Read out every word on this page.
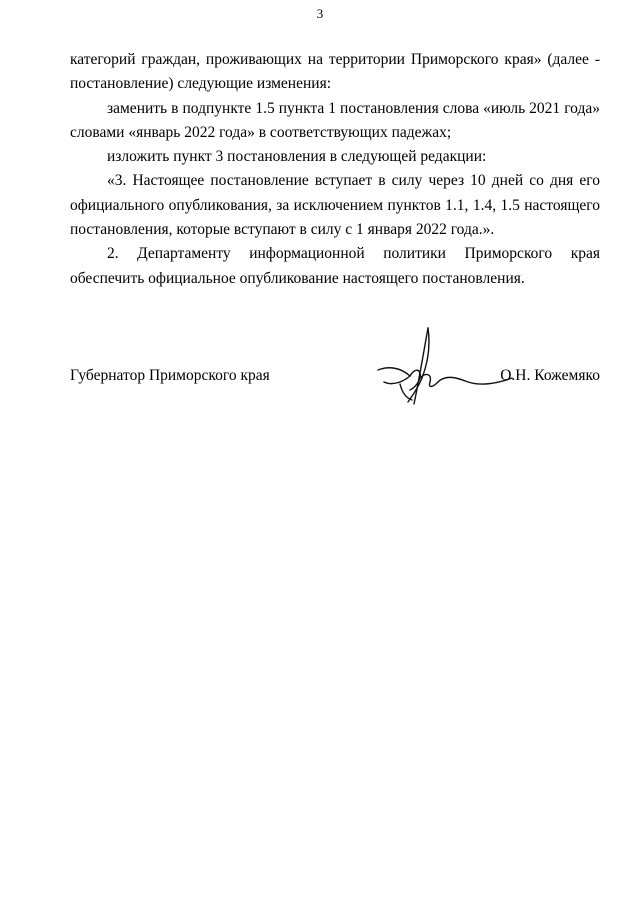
3

категорий граждан, проживающих на территории Приморского края» (далее - постановление) следующие изменения:

заменить в подпункте 1.5 пункта 1 постановления слова «июль 2021 года» словами «январь 2022 года» в соответствующих падежах;

изложить пункт 3 постановления в следующей редакции:

«3. Настоящее постановление вступает в силу через 10 дней со дня его официального опубликования, за исключением пунктов 1.1, 1.4, 1.5 настоящего постановления, которые вступают в силу с 1 января 2022 года.».

2. Департаменту информационной политики Приморского края обеспечить официальное опубликование настоящего постановления.

Губернатор Приморского края	О.Н. Кожемяко
